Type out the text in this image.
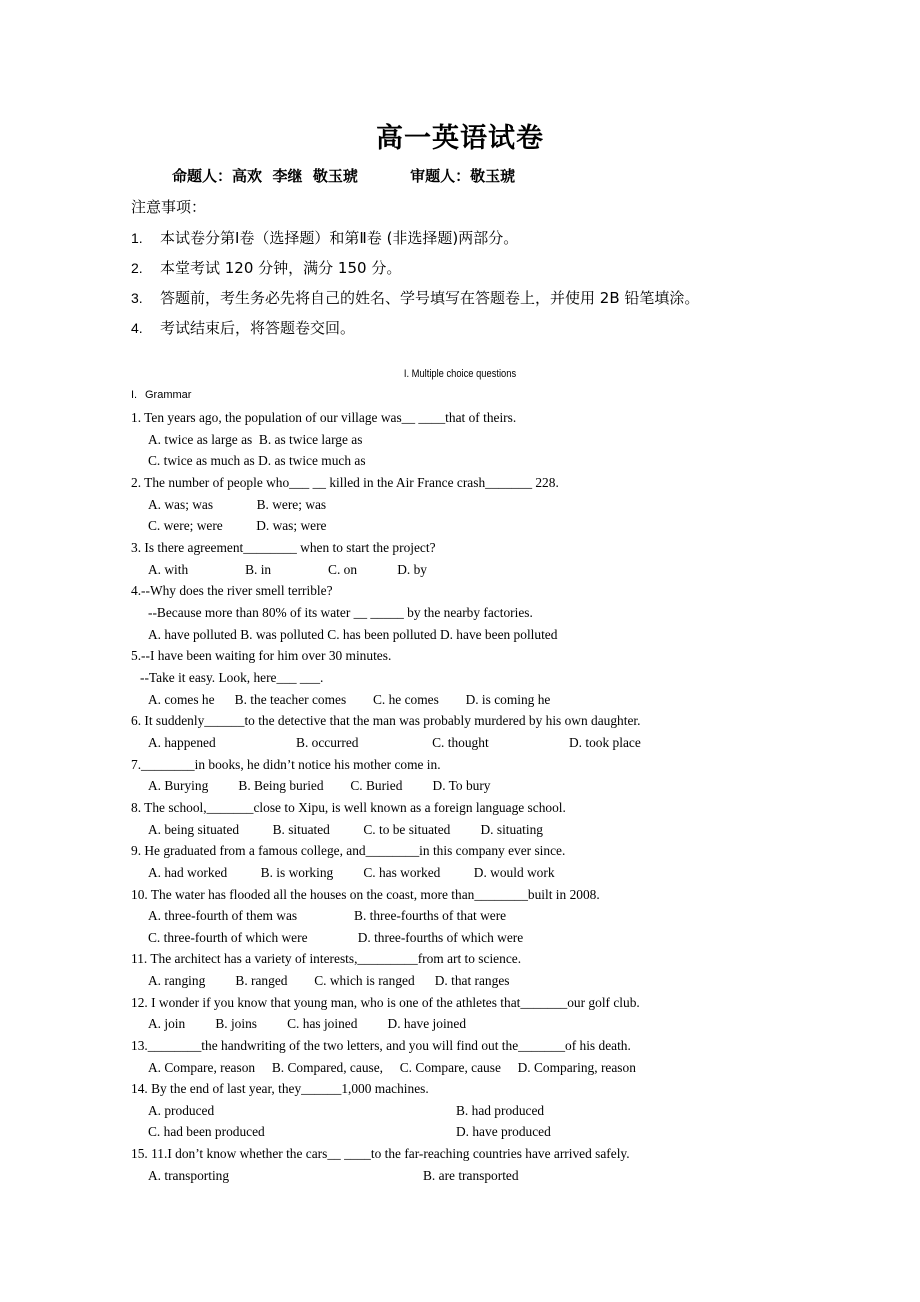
高一英语试卷
命题人：高欢  李继  敬玉琥          审题人：敬玉琥
注意事项：
1. 本试卷分第Ⅰ卷（选择题）和第Ⅱ卷 (非选择题)两部分。
2. 本堂考试 120 分钟，满分 150 分。
3. 答题前，考生务必先将自己的姓名、学号填写在答题卷上，并使用 2B 铅笔填涂。
4. 考试结束后，将答题卷交回。
I. Multiple choice questions
I. Grammar
1. Ten years ago, the population of our village was__ ____that of theirs.
A. twice as large as  B. as twice large as
C. twice as much as D. as twice much as
2. The number of people who___ __ killed in the Air France crash_______ 228.
A. was; was             B. were; was
C. were; were          D. was; were
3. Is there agreement________ when to start the project?
A. with                 B. in                 C. on            D. by
4.--Why does the river smell terrible?
--Because more than 80% of its water __ _____ by the nearby factories.
A. have polluted B. was polluted C. has been polluted D. have been polluted
5.--I have been waiting for him over 30 minutes.
--Take it easy. Look, here___ ___.
A. comes he      B. the teacher comes        C. he comes        D. is coming he
6. It suddenly______to the detective that the man was probably murdered by his own daughter.
A. happened                        B. occurred                      C. thought                        D. took place
7.________in books, he didn’t notice his mother come in.
A. Burying         B. Being buried        C. Buried         D. To bury
8. The school,_______close to Xipu, is well known as a foreign language school.
A. being situated          B. situated          C. to be situated         D. situating
9. He graduated from a famous college, and________in this company ever since.
A. had worked          B. is working         C. has worked          D. would work
10. The water has flooded all the houses on the coast, more than________built in 2008.
A. three-fourth of them was                 B. three-fourths of that were
C. three-fourth of which were               D. three-fourths of which were
11. The architect has a variety of interests,_________from art to science.
A. ranging         B. ranged        C. which is ranged      D. that ranges
12. I wonder if you know that young man, who is one of the athletes that_______our golf club.
A. join         B. joins         C. has joined         D. have joined
13.________the handwriting of the two letters, and you will find out the_______of his death.
A. Compare, reason     B. Compared, cause,     C. Compare, cause     D. Comparing, reason
14. By the end of last year, they______1,000 machines.
A. produced	B. had produced
C. had been produced	D. have produced
15. 11.I don’t know whether the cars__ ____to the far-reaching countries have arrived safely.
A. transporting	B. are transported
